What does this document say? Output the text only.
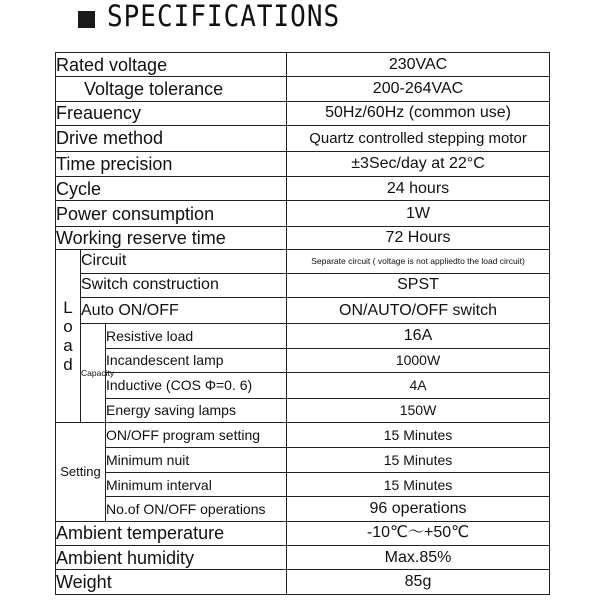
SPECIFICATIONS
Rated voltage			230VAC
Voltage tolerance			200-264VAC
Freauency			50Hz/60Hz (common use)
Drive method			Quartz controlled stepping motor
Time precision			±3Sec/day at 22°C
Cycle			24 hours
Power consumption			1W
Working reserve time			72 Hours

L
o
a
d	Circuit		Separate circuit ( voltage is not appliedto the load circuit)
	Switch construction		SPST
	Auto ON/OFF		ON/AUTO/OFF switch
	Capacity	Resistive load	16A
		Incandescent lamp	1000W
		Inductive (COS Φ=0. 6)	4A
		Energy saving lamps	150W
Setting		ON/OFF program setting	15 Minutes
		Minimum nuit	15 Minutes
		Minimum interval	15 Minutes
		No.of ON/OFF operations	96 operations
Ambient temperature			-10℃～+50℃
Ambient humidity			Max.85%
Weight			85g
